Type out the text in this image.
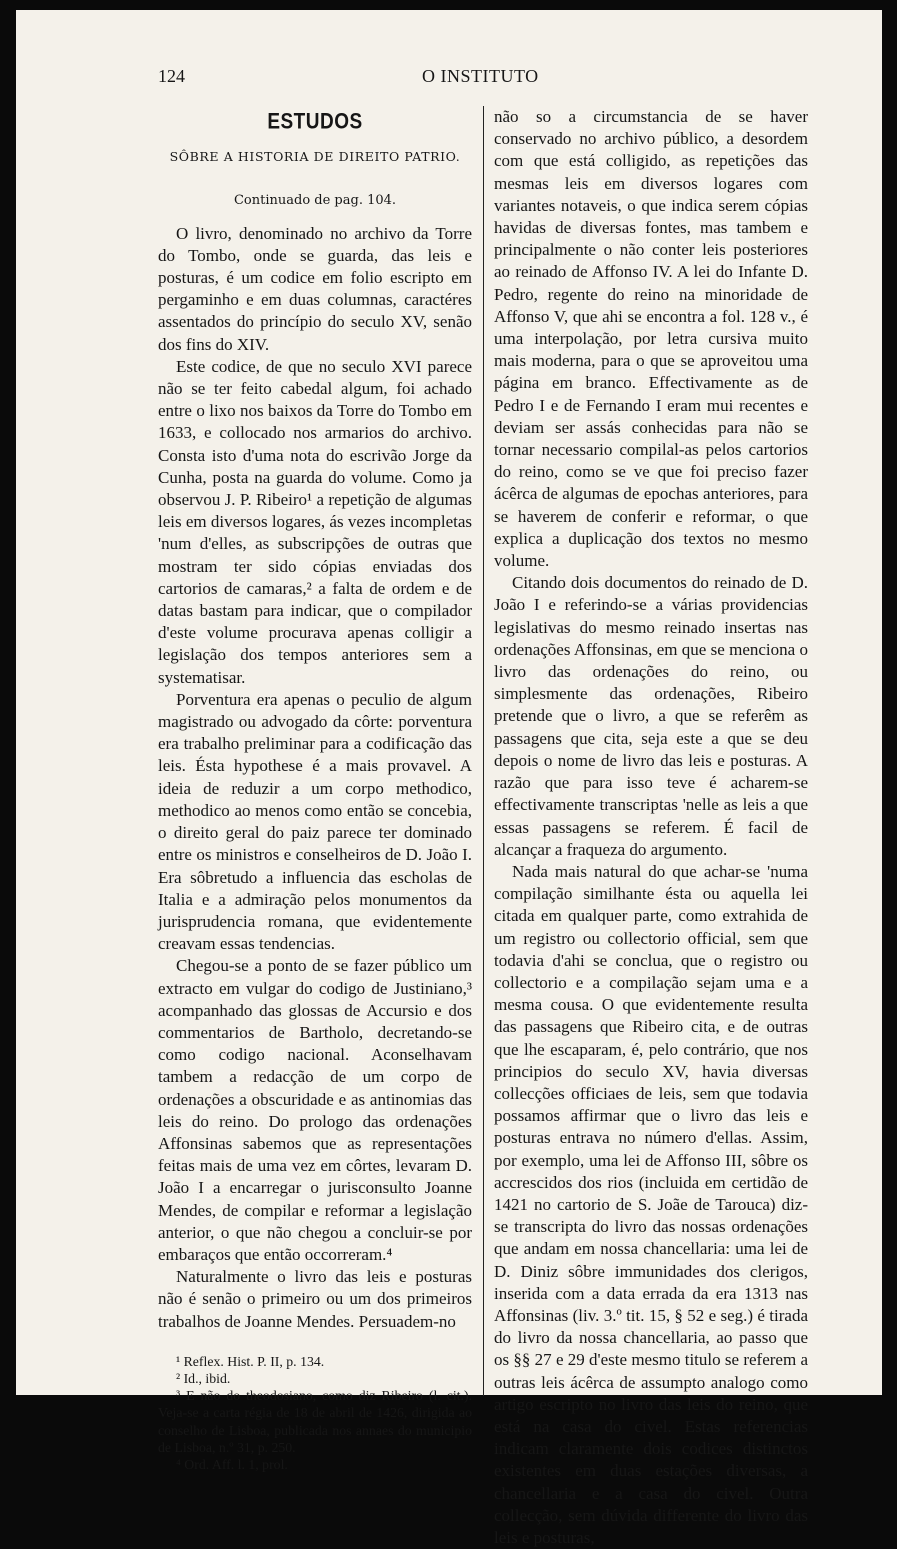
124	O INSTITUTO
ESTUDOS
SÔBRE A HISTORIA DE DIREITO PATRIO.
Continuado de pag. 104.

O livro, denominado no archivo da Torre do Tombo, onde se guarda, das leis e posturas, é um codice em folio escripto em pergaminho e em duas columnas, caractéres assentados do princípio do seculo XV, senão dos fins do XIV.

Este codice, de que no seculo XVI parece não se ter feito cabedal algum, foi achado entre o lixo nos baixos da Torre do Tombo em 1633, e collocado nos armarios do archivo. Consta isto d'uma nota do escrivão Jorge da Cunha, posta na guarda do volume. Como ja observou J. P. Ribeiro¹ a repetição de algumas leis em diversos logares, ás vezes incompletas 'num d'elles, as subscripções de outras que mostram ter sido cópias enviadas dos cartorios de camaras,² a falta de ordem e de datas bastam para indicar, que o compilador d'este volume procurava apenas colligir a legislação dos tempos anteriores sem a systematisar.

Porventura era apenas o peculio de algum magistrado ou advogado da côrte: porventura era trabalho preliminar para a codificação das leis. Ésta hypothese é a mais provavel. A ideia de reduzir a um corpo methodico, methodico ao menos como então se concebia, o direito geral do paiz parece ter dominado entre os ministros e conselheiros de D. João I. Era sôbretudo a influencia das escholas de Italia e a admiração pelos monumentos da jurisprudencia romana, que evidentemente creavam essas tendencias.

Chegou-se a ponto de se fazer público um extracto em vulgar do codigo de Justiniano,³ acompanhado das glossas de Accursio e dos commentarios de Bartholo, decretando-se como codigo nacional. Aconselhavam tambem a redacção de um corpo de ordenações a obscuridade e as antinomias das leis do reino. Do prologo das ordenações Affonsinas sabemos que as representações feitas mais de uma vez em côrtes, levaram D. João I a encarregar o jurisconsulto Joanne Mendes, de compilar e reformar a legislação anterior, o que não chegou a concluir-se por embaraços que então occorreram.⁴

Naturalmente o livro das leis e posturas não é senão o primeiro ou um dos primeiros trabalhos de Joanne Mendes. Persuadem-no

¹ Reflex. Hist. P. II, p. 134.

² Id., ibid.

³ E não do theodosiano, como diz Ribeiro (l. cit.). Veja-se a carta régia de 18 de abril de 1426, dirigida ao conselho de Lisboa, publicada nos annaes do municipio de Lisboa, n.º 31, p. 250.

⁴ Ord. Aff. l. 1, prol.

não so a circumstancia de se haver conservado no archivo público, a desordem com que está colligido, as repetições das mesmas leis em diversos logares com variantes notaveis, o que indica serem cópias havidas de diversas fontes, mas tambem e principalmente o não conter leis posteriores ao reinado de Affonso IV. A lei do Infante D. Pedro, regente do reino na minoridade de Affonso V, que ahi se encontra a fol. 128 v., é uma interpolação, por letra cursiva muito mais moderna, para o que se aproveitou uma página em branco. Effectivamente as de Pedro I e de Fernando I eram mui recentes e deviam ser assás conhecidas para não se tornar necessario compilal-as pelos cartorios do reino, como se ve que foi preciso fazer ácêrca de algumas de epochas anteriores, para se haverem de conferir e reformar, o que explica a duplicação dos textos no mesmo volume.

Citando dois documentos do reinado de D. João I e referindo-se a várias providencias legislativas do mesmo reinado insertas nas ordenações Affonsinas, em que se menciona o livro das ordenações do reino, ou simplesmente das ordenações, Ribeiro pretende que o livro, a que se referêm as passagens que cita, seja este a que se deu depois o nome de livro das leis e posturas. A razão que para isso teve é acharem-se effectivamente transcriptas 'nelle as leis a que essas passagens se referem. É facil de alcançar a fraqueza do argumento.

Nada mais natural do que achar-se 'numa compilação similhante ésta ou aquella lei citada em qualquer parte, como extrahida de um registro ou collectorio official, sem que todavia d'ahi se conclua, que o registro ou collectorio e a compilação sejam uma e a mesma cousa. O que evidentemente resulta das passagens que Ribeiro cita, e de outras que lhe escaparam, é, pelo contrário, que nos principios do seculo XV, havia diversas collecções officiaes de leis, sem que todavia possamos affirmar que o livro das leis e posturas entrava no número d'ellas. Assim, por exemplo, uma lei de Affonso III, sôbre os accrescidos dos rios (incluida em certidão de 1421 no cartorio de S. Joãe de Tarouca) diz-se transcripta do livro das nossas ordenações que andam em nossa chancellaria: uma lei de D. Diniz sôbre immunidades dos clerigos, inserida com a data errada da era 1313 nas Affonsinas (liv. 3.º tit. 15, § 52 e seg.) é tirada do livro da nossa chancellaria, ao passo que os §§ 27 e 29 d'este mesmo titulo se referem a outras leis ácêrca de assumpto analogo como artigo escripto no livro das leis do reino, que está na casa do civel. Estas referencias indicam claramente dois codices distinctos existentes em duas estações diversas, a chancellaria e a casa do civel. Outra collecção, sem dúvida differente do livro das leis e posturas,
